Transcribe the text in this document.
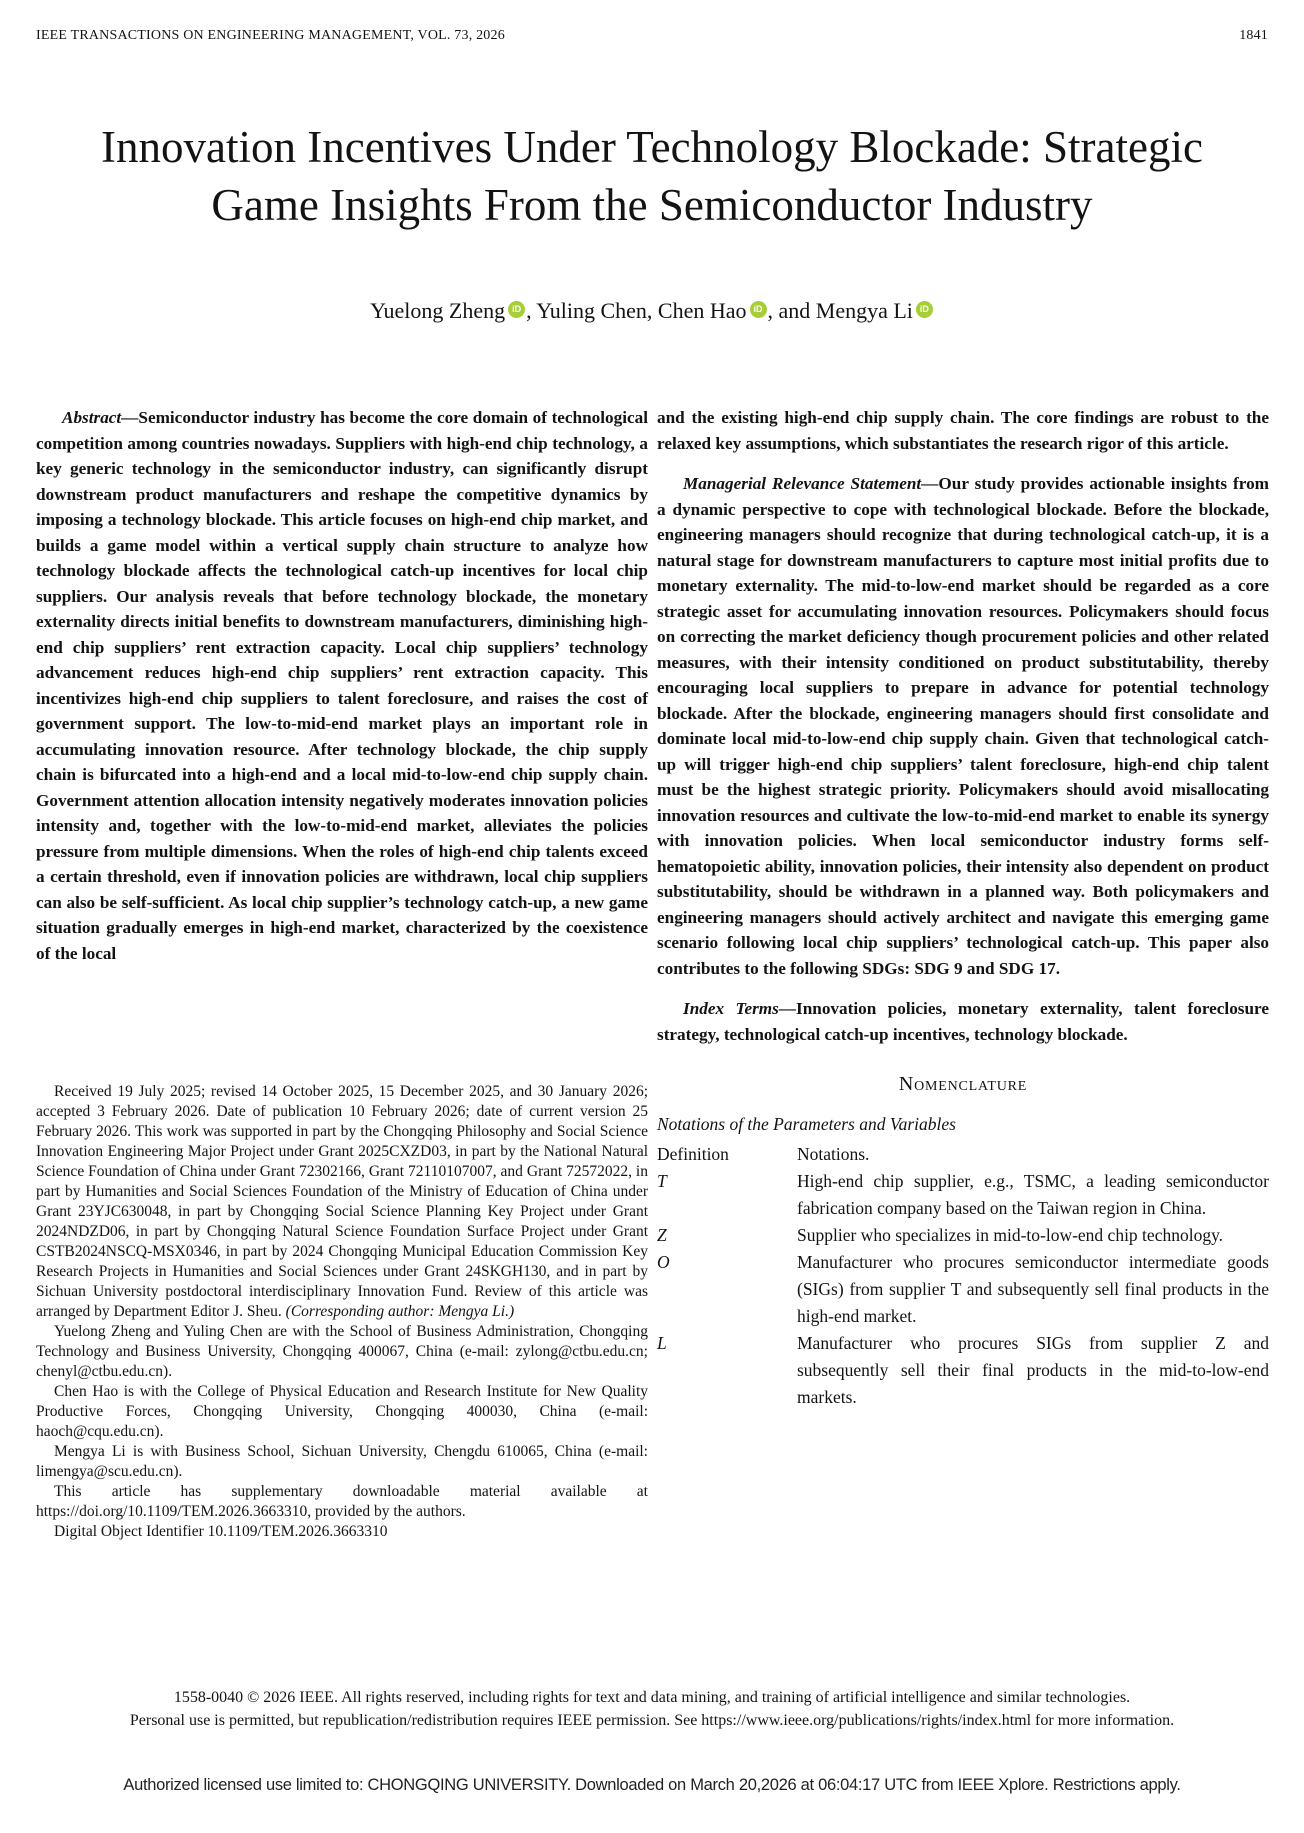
IEEE TRANSACTIONS ON ENGINEERING MANAGEMENT, VOL. 73, 2026	1841
Innovation Incentives Under Technology Blockade: Strategic Game Insights From the Semiconductor Industry
Yuelong Zheng iD , Yuling Chen, Chen Hao iD , and Mengya Li iD

Abstract—Semiconductor industry has become the core domain of technological competition among countries nowadays. Suppliers with high-end chip technology, a key generic technology in the semiconductor industry, can significantly disrupt downstream product manufacturers and reshape the competitive dynamics by imposing a technology blockade. This article focuses on high-end chip market, and builds a game model within a vertical supply chain structure to analyze how technology blockade affects the technological catch-up incentives for local chip suppliers. Our analysis reveals that before technology blockade, the monetary externality directs initial benefits to downstream manufacturers, diminishing high-end chip suppliers’ rent extraction capacity. Local chip suppliers’ technology advancement reduces high-end chip suppliers’ rent extraction capacity. This incentivizes high-end chip suppliers to talent foreclosure, and raises the cost of government support. The low-to-mid-end market plays an important role in accumulating innovation resource. After technology blockade, the chip supply chain is bifurcated into a high-end and a local mid-to-low-end chip supply chain. Government attention allocation intensity negatively moderates innovation policies intensity and, together with the low-to-mid-end market, alleviates the policies pressure from multiple dimensions. When the roles of high-end chip talents exceed a certain threshold, even if innovation policies are withdrawn, local chip suppliers can also be self-sufficient. As local chip supplier’s technology catch-up, a new game situation gradually emerges in high-end market, characterized by the coexistence of the local

Received 19 July 2025; revised 14 October 2025, 15 December 2025, and 30 January 2026; accepted 3 February 2026. Date of publication 10 February 2026; date of current version 25 February 2026. This work was supported in part by the Chongqing Philosophy and Social Science Innovation Engineering Major Project under Grant 2025CXZD03, in part by the National Natural Science Foundation of China under Grant 72302166, Grant 72110107007, and Grant 72572022, in part by Humanities and Social Sciences Foundation of the Ministry of Education of China under Grant 23YJC630048, in part by Chongqing Social Science Planning Key Project under Grant 2024NDZD06, in part by Chongqing Natural Science Foundation Surface Project under Grant CSTB2024NSCQ-MSX0346, in part by 2024 Chongqing Municipal Education Commission Key Research Projects in Humanities and Social Sciences under Grant 24SKGH130, and in part by Sichuan University postdoctoral interdisciplinary Innovation Fund. Review of this article was arranged by Department Editor J. Sheu. (Corresponding author: Mengya Li.)

Yuelong Zheng and Yuling Chen are with the School of Business Administration, Chongqing Technology and Business University, Chongqing 400067, China (e-mail: zylong@ctbu.edu.cn; chenyl@ctbu.edu.cn).

Chen Hao is with the College of Physical Education and Research Institute for New Quality Productive Forces, Chongqing University, Chongqing 400030, China (e-mail: haoch@cqu.edu.cn).

Mengya Li is with Business School, Sichuan University, Chengdu 610065, China (e-mail: limengya@scu.edu.cn).

This article has supplementary downloadable material available at https://doi.org/10.1109/TEM.2026.3663310, provided by the authors.

Digital Object Identifier 10.1109/TEM.2026.3663310

and the existing high-end chip supply chain. The core findings are robust to the relaxed key assumptions, which substantiates the research rigor of this article.

Managerial Relevance Statement—Our study provides actionable insights from a dynamic perspective to cope with technological blockade. Before the blockade, engineering managers should recognize that during technological catch-up, it is a natural stage for downstream manufacturers to capture most initial profits due to monetary externality. The mid-to-low-end market should be regarded as a core strategic asset for accumulating innovation resources. Policymakers should focus on correcting the market deficiency though procurement policies and other related measures, with their intensity conditioned on product substitutability, thereby encouraging local suppliers to prepare in advance for potential technology blockade. After the blockade, engineering managers should first consolidate and dominate local mid-to-low-end chip supply chain. Given that technological catch-up will trigger high-end chip suppliers’ talent foreclosure, high-end chip talent must be the highest strategic priority. Policymakers should avoid misallocating innovation resources and cultivate the low-to-mid-end market to enable its synergy with innovation policies. When local semiconductor industry forms self-hematopoietic ability, innovation policies, their intensity also dependent on product substitutability, should be withdrawn in a planned way. Both policymakers and engineering managers should actively architect and navigate this emerging game scenario following local chip suppliers’ technological catch-up. This paper also contributes to the following SDGs: SDG 9 and SDG 17.

Index Terms—Innovation policies, monetary externality, talent foreclosure strategy, technological catch-up incentives, technology blockade.

Nomenclature

Notations of the Parameters and Variables

Definition	Notations.
T	High-end chip supplier, e.g., TSMC, a leading semiconductor fabrication company based on the Taiwan region in China.
Z	Supplier who specializes in mid-to-low-end chip technology.
O	Manufacturer who procures semiconductor intermediate goods (SIGs) from supplier T and subsequently sell final products in the high-end market.
L	Manufacturer who procures SIGs from supplier Z and subsequently sell their final products in the mid-to-low-end markets.
1558-0040 © 2026 IEEE. All rights reserved, including rights for text and data mining, and training of artificial intelligence and similar technologies.
Personal use is permitted, but republication/redistribution requires IEEE permission. See https://www.ieee.org/publications/rights/index.html for more information.
Authorized licensed use limited to: CHONGQING UNIVERSITY. Downloaded on March 20,2026 at 06:04:17 UTC from IEEE Xplore. Restrictions apply.
